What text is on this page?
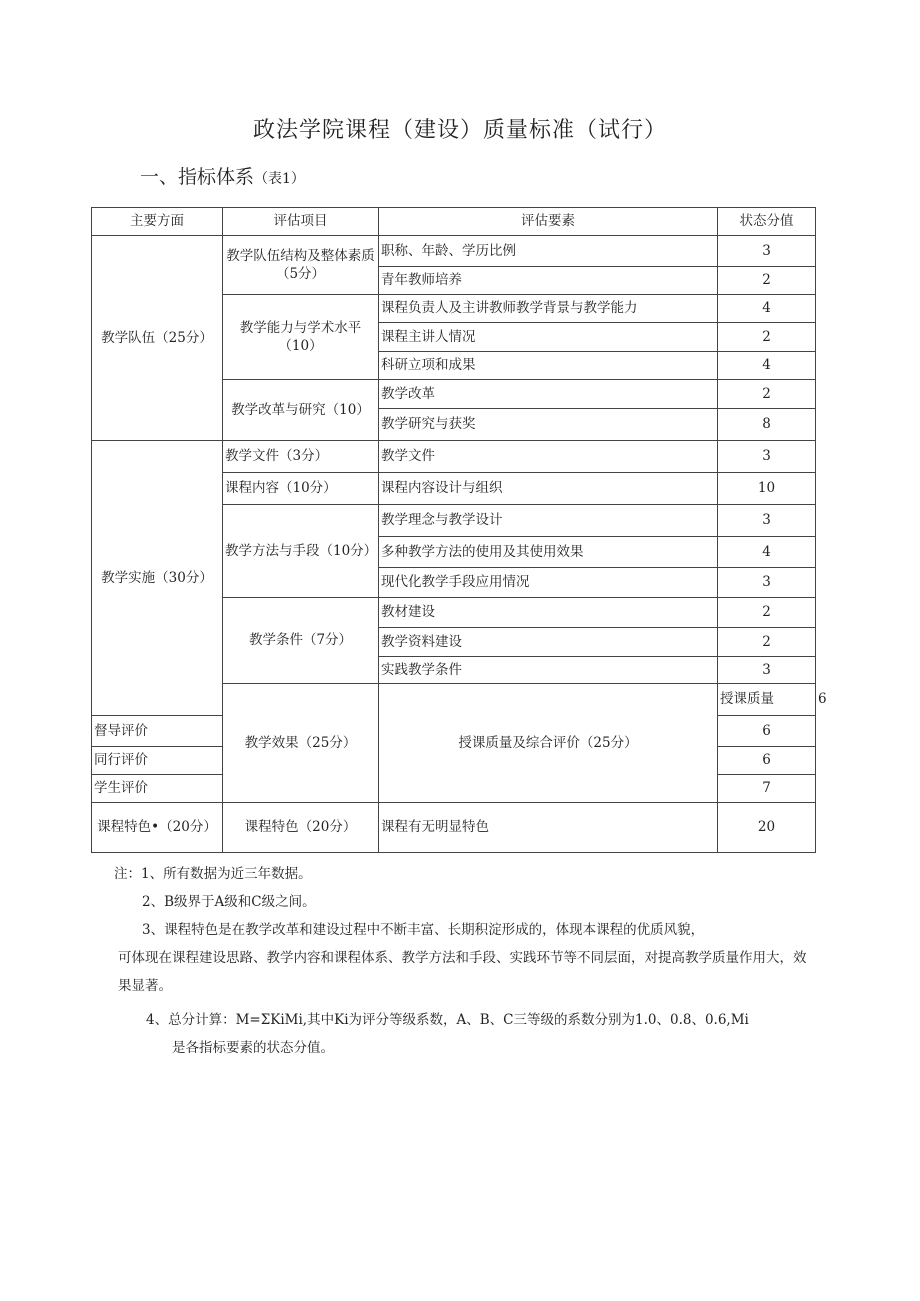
政法学院课程（建设）质量标准（试行）
一、指标体系（表1）
主要方面	评估项目	评估要素	状态分值	
教学队伍（25分）	教学队伍结构及整体素质（5分）	职称、年龄、学历比例	3	
		青年教师培养	2	
	教学能力与学术水平（10）	课程负责人及主讲教师教学背景与教学能力	4	
		课程主讲人情况	2	
		科研立项和成果	4	
	教学改革与研究（10）	教学改革	2	
		教学研究与获奖	8	
教学实施（30分）	教学文件（3分）	教学文件	3	
	课程内容（10分）	课程内容设计与组织	10	
	教学方法与手段（10分）	教学理念与教学设计	3	
		多种教学方法的使用及其使用效果	4	
		现代化教学手段应用情况	3	
	教学条件（7分）	教材建设	2	
		教学资料建设	2	
		实践教学条件	3	
	教学效果（25分）	授课质量及综合评价（25分）	授课质量	6
督导评价			6	
同行评价			6	
学生评价			7	
课程特色•（20分）	课程特色（20分）	课程有无明显特色	20	

注：1、所有数据为近三年数据。

2、B级界于A级和C级之间。

3、课程特色是在教学改革和建设过程中不断丰富、长期积淀形成的，体现本课程的优质风貌，

可体现在课程建设思路、教学内容和课程体系、教学方法和手段、实践环节等不同层面，对提高教学质量作用大，效果显著。

4、总分计算：M=ΣKiMi,其中Ki为评分等级系数，A、B、C三等级的系数分别为1.0、0.8、0.6,Mi

是各指标要素的状态分值。
